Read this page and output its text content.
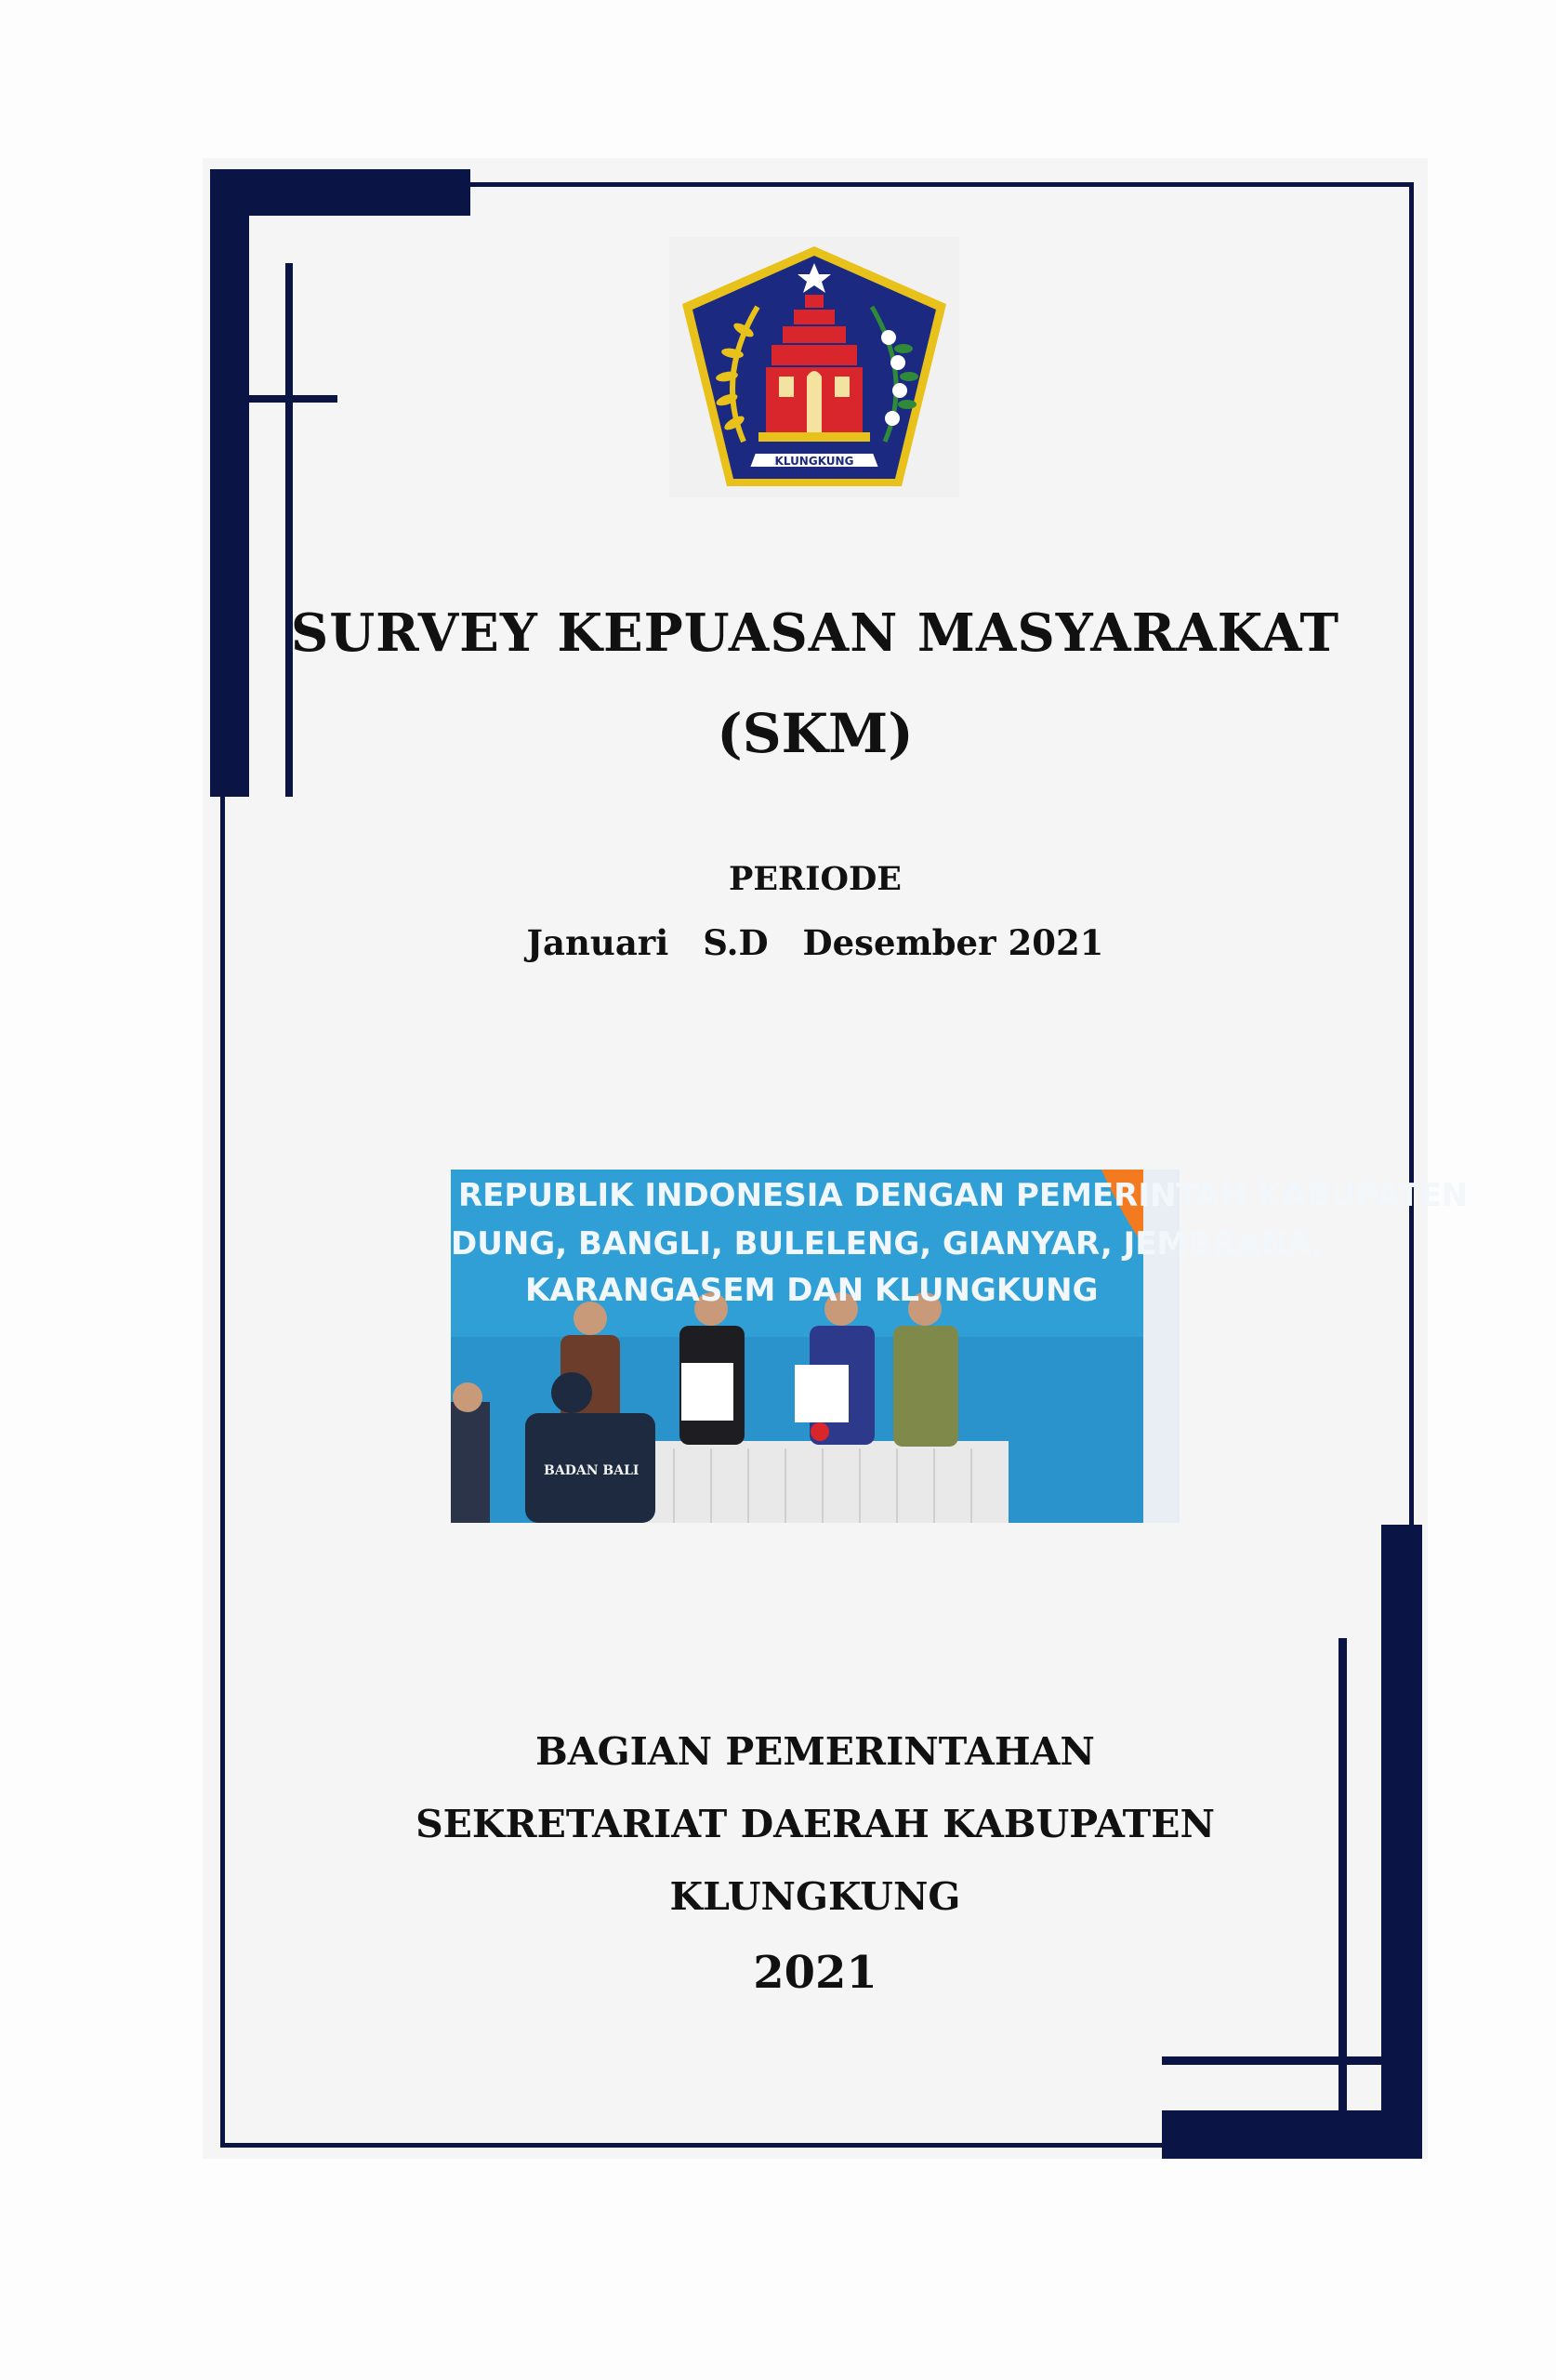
KLUNGKUNG
SURVEY KEPUASAN MASYARAKAT
(SKM)
PERIODE
Januari S.D Desember 2021
BADAN BALI
REPUBLIK INDONESIA DENGAN PEMERINTAH KABUPATEN
DUNG, BANGLI, BULELENG, GIANYAR, JEMBRANA,
KARANGASEM DAN KLUNGKUNG
BAGIAN PEMERINTAHAN
SEKRETARIAT DAERAH KABUPATEN
KLUNGKUNG
2021
